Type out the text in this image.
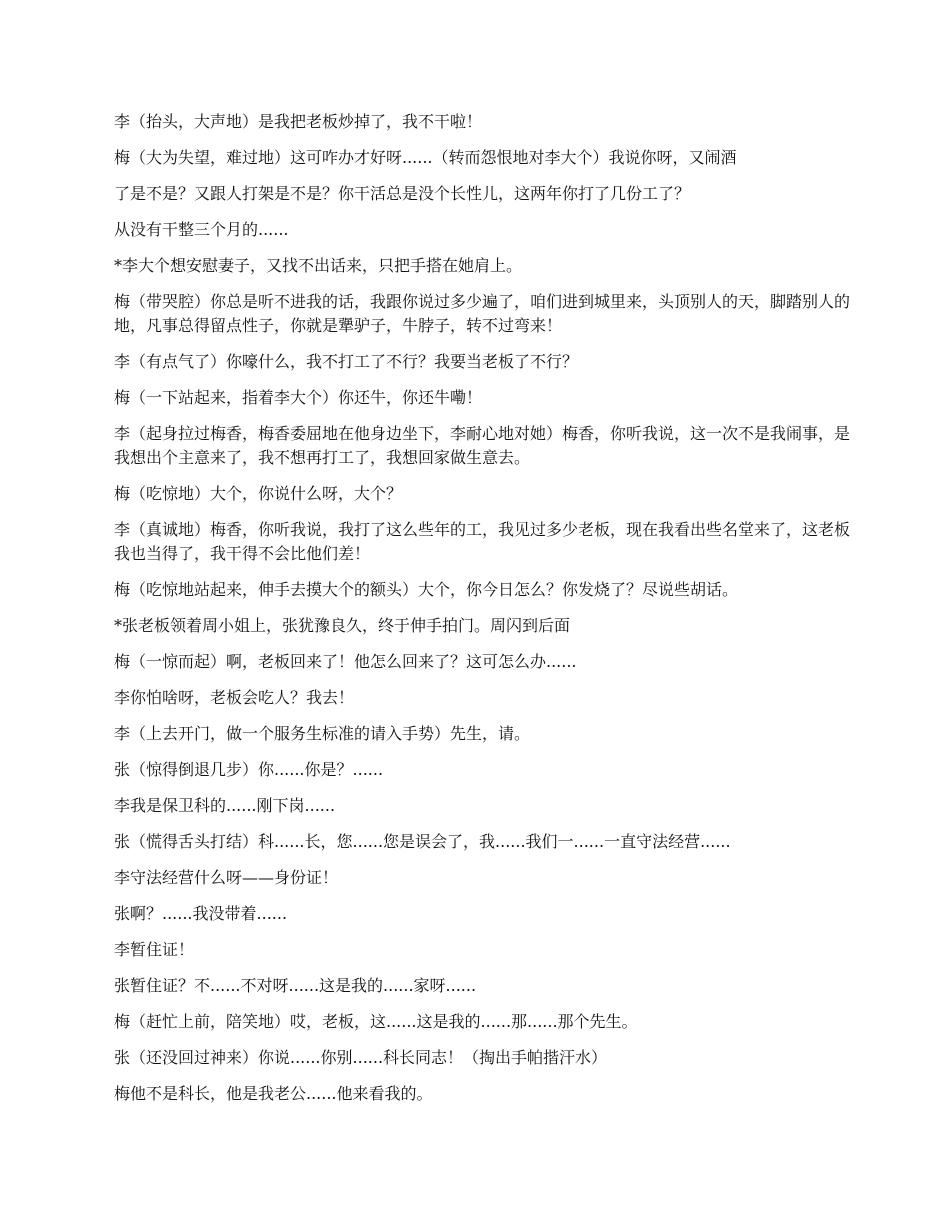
李（抬头，大声地）是我把老板炒掉了，我不干啦！

梅（大为失望，难过地）这可咋办才好呀......（转而怨恨地对李大个）我说你呀，又闹酒

了是不是？又跟人打架是不是？你干活总是没个长性儿，这两年你打了几份工了？

从没有干整三个月的......

*李大个想安慰妻子，又找不出话来，只把手搭在她肩上。

梅（带哭腔）你总是听不进我的话，我跟你说过多少遍了，咱们进到城里来，头顶别人的天，脚踏别人的地，凡事总得留点性子，你就是犟驴子，牛脖子，转不过弯来！

李（有点气了）你嚎什么，我不打工了不行？我要当老板了不行？

梅（一下站起来，指着李大个）你还牛，你还牛嘞！

李（起身拉过梅香，梅香委屈地在他身边坐下，李耐心地对她）梅香，你听我说，这一次不是我闹事，是我想出个主意来了，我不想再打工了，我想回家做生意去。

梅（吃惊地）大个，你说什么呀，大个？

李（真诚地）梅香，你听我说，我打了这么些年的工，我见过多少老板，现在我看出些名堂来了，这老板我也当得了，我干得不会比他们差！

梅（吃惊地站起来，伸手去摸大个的额头）大个，你今日怎么？你发烧了？尽说些胡话。

*张老板领着周小姐上，张犹豫良久，终于伸手拍门。周闪到后面

梅（一惊而起）啊，老板回来了！他怎么回来了？这可怎么办......

李你怕啥呀，老板会吃人？我去！

李（上去开门，做一个服务生标准的请入手势）先生，请。

张（惊得倒退几步）你......你是？......

李我是保卫科的......刚下岗......

张（慌得舌头打结）科......长，您......您是误会了，我......我们一......一直守法经营......

李守法经营什么呀——身份证！

张啊？......我没带着......

李暂住证！

张暂住证？不......不对呀......这是我的......家呀......

梅（赶忙上前，陪笑地）哎，老板，这......这是我的......那......那个先生。

张（还没回过神来）你说......你别......科长同志！（掏出手帕揩汗水）

梅他不是科长，他是我老公......他来看我的。
